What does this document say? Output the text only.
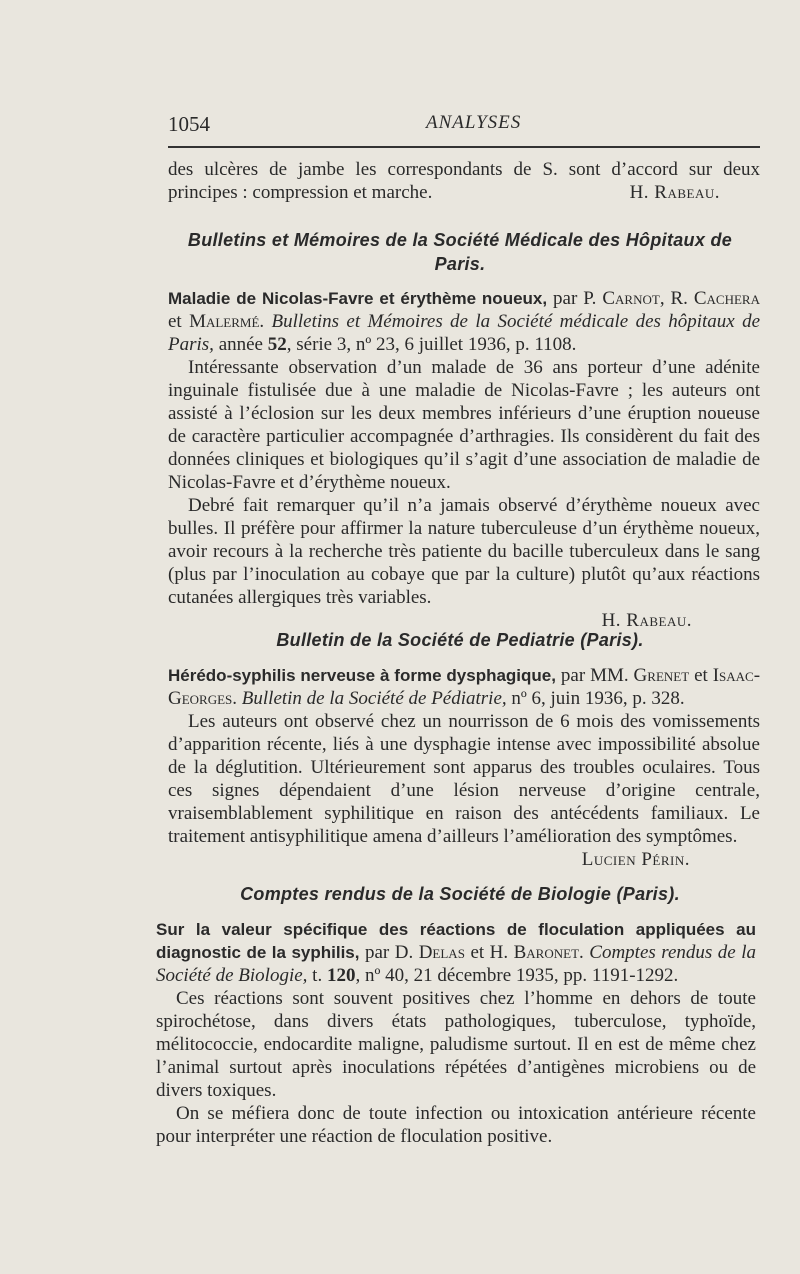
1054	ANALYSES

des ulcères de jambe les correspondants de S. sont d’accord sur deux principes : compression et marche.	H. Rabeau.
Bulletins et Mémoires de la Société Médicale des Hôpitaux de Paris.

Maladie de Nicolas-Favre et érythème noueux, par P. Carnot, R. Cachera et Malermé. Bulletins et Mémoires de la Société médicale des hôpitaux de Paris, année 52, série 3, nº 23, 6 juillet 1936, p. 1108.

Intéressante observation d’un malade de 36 ans porteur d’une adénite inguinale fistulisée due à une maladie de Nicolas-Favre ; les auteurs ont assisté à l’éclosion sur les deux membres inférieurs d’une éruption noueuse de caractère particulier accompagnée d’arthragies. Ils considèrent du fait des données cliniques et biologiques qu’il s’agit d’une association de maladie de Nicolas-Favre et d’érythème noueux.

Debré fait remarquer qu’il n’a jamais observé d’érythème noueux avec bulles. Il préfère pour affirmer la nature tuberculeuse d’un érythème noueux, avoir recours à la recherche très patiente du bacille tuberculeux dans le sang (plus par l’inoculation au cobaye que par la culture) plutôt qu’aux réactions cutanées allergiques très variables.

H. Rabeau.
Bulletin de la Société de Pediatrie (Paris).

Hérédo-syphilis nerveuse à forme dysphagique, par MM. Grenet et Isaac-Georges. Bulletin de la Société de Pédiatrie, nº 6, juin 1936, p. 328.

Les auteurs ont observé chez un nourrisson de 6 mois des vomissements d’apparition récente, liés à une dysphagie intense avec impossibilité absolue de la déglutition. Ultérieurement sont apparus des troubles oculaires. Tous ces signes dépendaient d’une lésion nerveuse d’origine centrale, vraisemblablement syphilitique en raison des antécédents familiaux. Le traitement antisyphilitique amena d’ailleurs l’amélioration des symptômes.

Lucien Périn.
Comptes rendus de la Société de Biologie (Paris).

Sur la valeur spécifique des réactions de floculation appliquées au diagnostic de la syphilis, par D. Delas et H. Baronet. Comptes rendus de la Société de Biologie, t. 120, nº 40, 21 décembre 1935, pp. 1191-1292.

Ces réactions sont souvent positives chez l’homme en dehors de toute spirochétose, dans divers états pathologiques, tuberculose, typhoïde, mélitococcie, endocardite maligne, paludisme surtout. Il en est de même chez l’animal surtout après inoculations répétées d’antigènes microbiens ou de divers toxiques.

On se méfiera donc de toute infection ou intoxication antérieure récente pour interpréter une réaction de floculation positive.
